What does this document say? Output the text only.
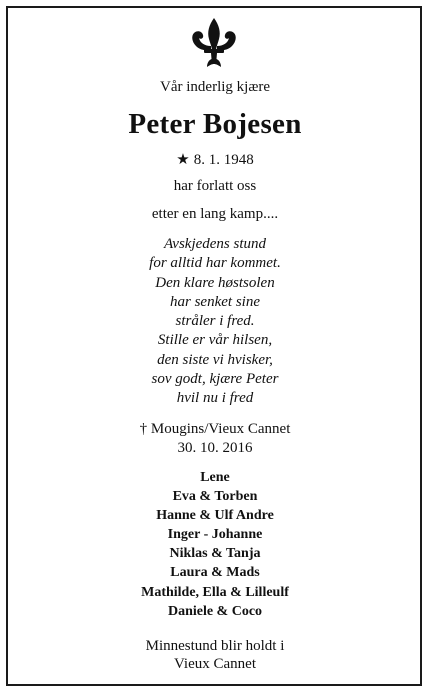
Vår inderlig kjære
Peter Bojesen
★ 8. 1. 1948
har forlatt oss
etter en lang kamp....
Avskjedens stund
for alltid har kommet.
Den klare høstsolen
har senket sine
stråler i fred.
Stille er vår hilsen,
den siste vi hvisker,
sov godt, kjære Peter
hvil nu i fred
† Mougins/Vieux Cannet
30. 10. 2016
Lene
Eva & Torben
Hanne & Ulf Andre
Inger - Johanne
Niklas & Tanja
Laura & Mads
Mathilde, Ella & Lilleulf
Daniele & Coco
Minnestund blir holdt i
Vieux Cannet
